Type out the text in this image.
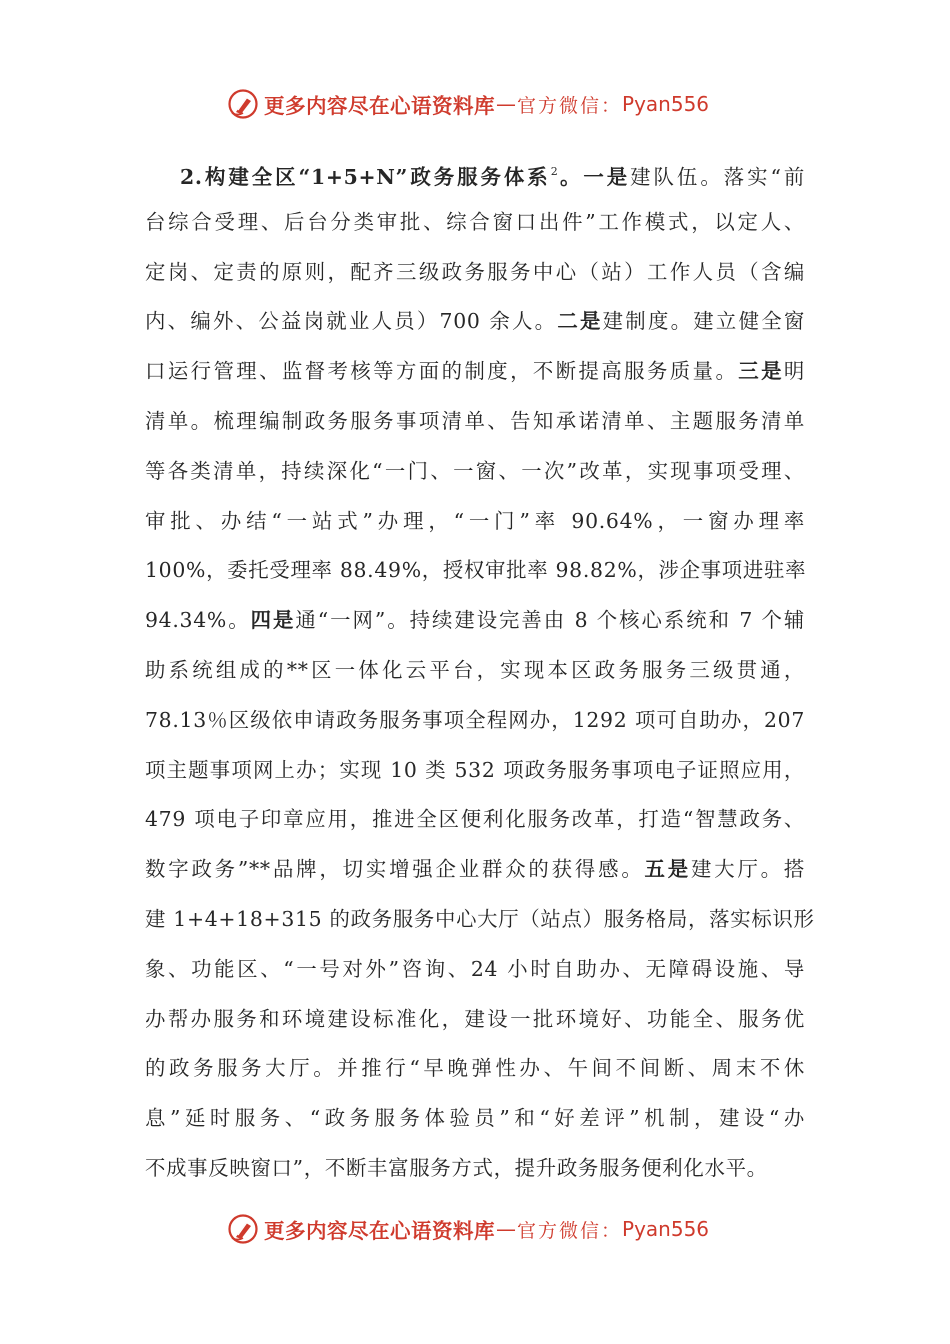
更多内容尽在心语资料库 — 官方微信： Pyan556
2.构建全区“1+5+N”政务服务体系$^2$。一是建队伍。落实“前
台综合受理、后台分类审批、综合窗口出件”工作模式，以定人、
定岗、定责的原则，配齐三级政务服务中心（站）工作人员（含编
内、编外、公益岗就业人员）700 余人。二是建制度。建立健全窗
口运行管理、监督考核等方面的制度，不断提高服务质量。三是明
清单。梳理编制政务服务事项清单、告知承诺清单、主题服务清单
等各类清单，持续深化“一门、一窗、一次”改革，实现事项受理、
审批、办结“一站式”办理，“一门”率 90.64%，一窗办理率
100%，委托受理率 88.49%，授权审批率 98.82%，涉企事项进驻率
94.34%。四是通“一网”。持续建设完善由 8 个核心系统和 7 个辅
助系统组成的**区一体化云平台，实现本区政务服务三级贯通，
78.13％区级依申请政务服务事项全程网办，1292 项可自助办，207
项主题事项网上办；实现 10 类 532 项政务服务事项电子证照应用，
479 项电子印章应用，推进全区便利化服务改革，打造“智慧政务、
数字政务”**品牌，切实增强企业群众的获得感。五是建大厅。搭
建 1+4+18+315 的政务服务中心大厅（站点）服务格局，落实标识形
象、功能区、“一号对外”咨询、24 小时自助办、无障碍设施、导
办帮办服务和环境建设标准化，建设一批环境好、功能全、服务优
的政务服务大厅。并推行“早晚弹性办、午间不间断、周末不休
息”延时服务、“政务服务体验员”和“好差评”机制，建设“办
不成事反映窗口”，不断丰富服务方式，提升政务服务便利化水平。
更多内容尽在心语资料库 — 官方微信： Pyan556
